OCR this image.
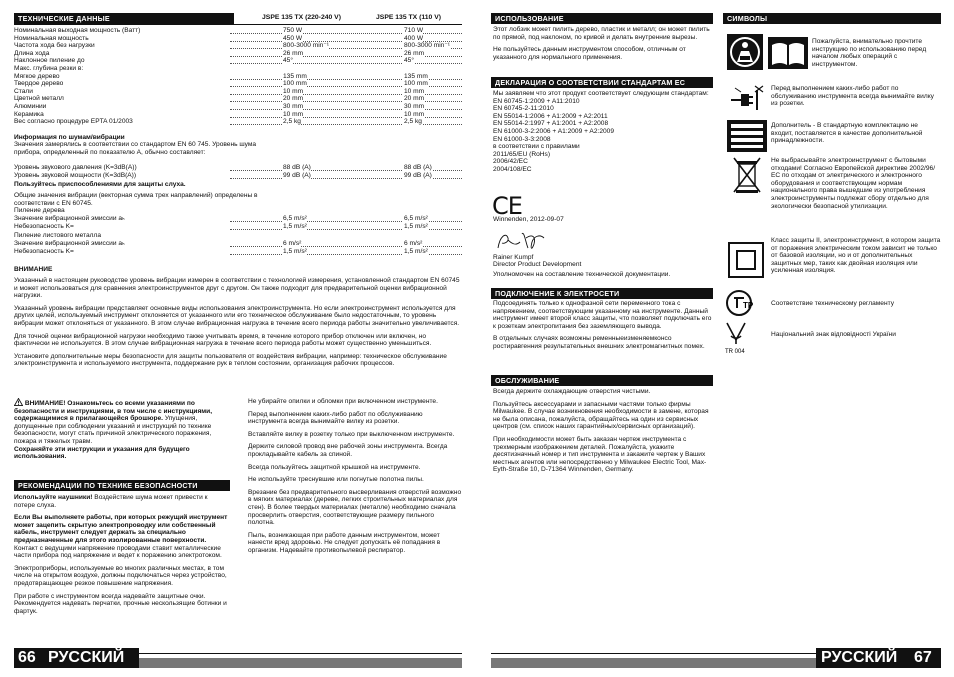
ТЕХНИЧЕСКИЕ ДАННЫЕ	JSPE 135 TX (220-240 V)	JSPE 135 TX (110 V)
Номинальная выходная мощность (Ватт)	750 W	710 W
Номинальная мощность	450 W	400 W
Частота хода без нагрузки	800-3000 min⁻¹	800-3000 min⁻¹
Длина хода	26 mm	26 mm
Наклонное пиление до	45°	45°
Макс. глубина резки в:
Мягкое дерево	135 mm	135 mm
Твердое дерево	100 mm	100 mm
Стали	10 mm	10 mm
Цветной металл	20 mm	20 mm
Алюминии	30 mm	30 mm
Керамика	10 mm	10 mm
Вес согласно процедуре EPTA 01/2003	2,5 kg	2,5 kg
Информация по шумам/вибрации
Значения замерялись в соответствии со стандартом EN 60 745. Уровень шума прибора, определенный по показателю А, обычно составляет:
Уровень звукового давления (K=3dB(A))	88 dB (A)	88 dB (A)
Уровень звуковой мощности (K=3dB(A))	99 dB (A)	99 dB (A)
Пользуйтесь приспособлениями для защиты слуха.
Общие значения вибрации (векторная сумма трех направлений) определены в соответствии с EN 60745.
Пиление дерева
Значение вибрационной эмиссии aₕ	6,5 m/s²	6,5 m/s²
Небезопасность K=	1,5 m/s²	1,5 m/s²
Пиление листового металла
Значение вибрационной эмиссии aₕ	6 m/s²	6 m/s²
Небезопасность K=	1,5 m/s²	1,5 m/s²
ВНИМАНИЕ

Указанный в настоящем руководстве уровень вибрации измерен в соответствии с технологией измерения, установленной стандартом EN 60745 и может использоваться для сравнения электроинструментов друг с другом. Он также подходит для предварительной оценки вибрационной нагрузки.

Указанный уровень вибрации представляет основные виды использования электроинструмента. Но если электроинструмент используется для других целей, используемый инструмент отклоняется от указанного или его техническое обслуживание было недостаточным, то уровень вибрации может отклоняться от указанного. В этом случае вибрационная нагрузка в течение всего периода работы значительно увеличивается.

Для точной оценки вибрационной нагрузки необходимо также учитывать время, в течение которого прибор отключен или включен, но фактически не используется. В этом случае вибрационная нагрузка в течение всего периода работы может существенно уменьшиться.

Установите дополнительные меры безопасности для защиты пользователя от воздействия вибрации, например: техническое обслуживание электроинструмента и используемого инструмента, поддержание рук в теплом состоянии, организация рабочих процессов.

ВНИМАНИЕ! Ознакомьтесь со всеми указаниями по безопасности и инструкциями, в том числе с инструкциями, содержащимися в прилагающейся брошюре. Упущения, допущенные при соблюдении указаний и инструкций по технике безопасности, могут стать причиной электрического поражения, пожара и тяжелых травм.
Сохраняйте эти инструкции и указания для будущего использования.
РЕКОМЕНДАЦИИ ПО ТЕХНИКЕ БЕЗОПАСНОСТИ

Используйте наушники! Воздействие шума может привести к потере слуха.

Если Вы выполняете работы, при которых режущий инструмент может зацепить скрытую электропроводку или собственный кабель, инструмент следует держать за специально предназначенные для этого изолированные поверхности. Контакт с ведущими напряжение проводами ставит металлические части прибора под напряжение и ведет к поражению электротоком.

Электроприборы, используемые во многих различных местах, в том числе на открытом воздухе, должны подключаться через устройство, предотвращающее резкое повышение напряжения.

При работе с инструментом всегда надевайте защитные очки. Рекомендуется надевать перчатки, прочные нескользящие ботинки и фартук.

Не убирайте опилки и обломки при включенном инструменте.

Перед выполнением каких-либо работ по обслуживанию инструмента всегда вынимайте вилку из розетки.

Вставляйте вилку в розетку только при выключенном инструменте.

Держите силовой провод вне рабочей зоны инструмента. Всегда прокладывайте кабель за спиной.

Всегда пользуйтесь защитной крышкой на инструменте.

Не используйте треснувшие или погнутые полотна пилы.

Врезание без предварительного высверливания отверстий возможно в мягких материалах (дереве, легких строительных материалах для стен). В более твердых материалах (металле) необходимо сначала просверлить отверстия, соответствующие размеру пильного полотна.

Пыль, возникающая при работе данным инструментом, может нанести вред здоровью. Не следует допускать её попадания в организм. Надевайте противопылевой респиратор.

66 РУССКИЙ
ИСПОЛЬЗОВАНИЕ

Этот лобзик может пилить дерево, пластик и металл; он может пилить по прямой, под наклоном, по кривой и делать внутренние вырезы.

Не пользуйтесь данным инструментом способом, отличным от указанного для нормального применения.

ДЕКЛАРАЦИЯ О СООТВЕТСТВИИ СТАНДАРТАМ ЕС
Мы заявляем что этот продукт соответствует следующим стандартам:
EN 60745-1:2009 + A11:2010
EN 60745-2-11:2010
EN 55014-1:2006 + A1:2009 + A2:2011
EN 55014-2:1997 + A1:2001 + A2:2008
EN 61000-3-2:2006 + A1:2009 + A2:2009
EN 61000-3-3:2008
в соответствии с правилами
2011/65/EU (RoHs)
2006/42/EC
2004/108/EC
CE
Winnenden, 2012-09-07
Rainer Kumpf
Director Product Development
Уполномочен на составление технической документации.
ПОДКЛЮЧЕНИЕ К ЭЛЕКТРОСЕТИ

Подсоединять только к однофазной сети переменного тока с напряжением, соответствующим указанному на инструменте. Данный инструмент имеет второй класс защиты, что позволяет подключать его к розеткам электропитания без заземляющего вывода.

В отдельных случаях возможны ременныеизменяемконсо ростиравгенния результательных внешних электромагнитных помех.

ОБСЛУЖИВАНИЕ

Всегда держите охлаждающие отверстия чистыми.

Пользуйтесь аксессуарами и запасными частями только фирмы Milwaukee. В случае возникновения необходимости в замене, которая не была описана, пожалуйста, обращайтесь на один из сервисных центров (см. список наших гарантийных/сервисных организаций).

При необходимости может быть заказан чертеж инструмента с трехмерным изображением деталей. Пожалуйста, укажите десятизначный номер и тип инструмента и закажите чертеж у Ваших местных агентов или непосредственно у Milwaukee Electric Tool, Max-Eyth-Straße 10, D-71364 Winnenden, Germany.

СИМВОЛЫ
TP
TR 004
Пожалуйста, внимательно прочтите инструкцию по использованию перед началом любых операций с инструментом.
Перед выполнением каких-либо работ по обслуживанию инструмента всегда вынимайте вилку из розетки.
Дополнитель - В стандартную комплектацию не входит, поставляется в качестве дополнительной принадлежности.
Не выбрасывайте электроинструмент с бытовыми отходами! Согласно Европейской директиве 2002/96/ЕС по отходам от электрического и электронного оборудования и соответствующим нормам национального права вышедшие из употребления электроинструменты подлежат сбору отдельно для экологически безопасной утилизации.
Класс защиты II, электроинструмент, в котором защита от поражения электрическим током зависит не только от базовой изоляции, но и от дополнительных защитных мер, таких как двойная изоляция или усиленная изоляция.
Соответствие техническому регламенту
Національний знак відповідності України
РУССКИЙ 67
